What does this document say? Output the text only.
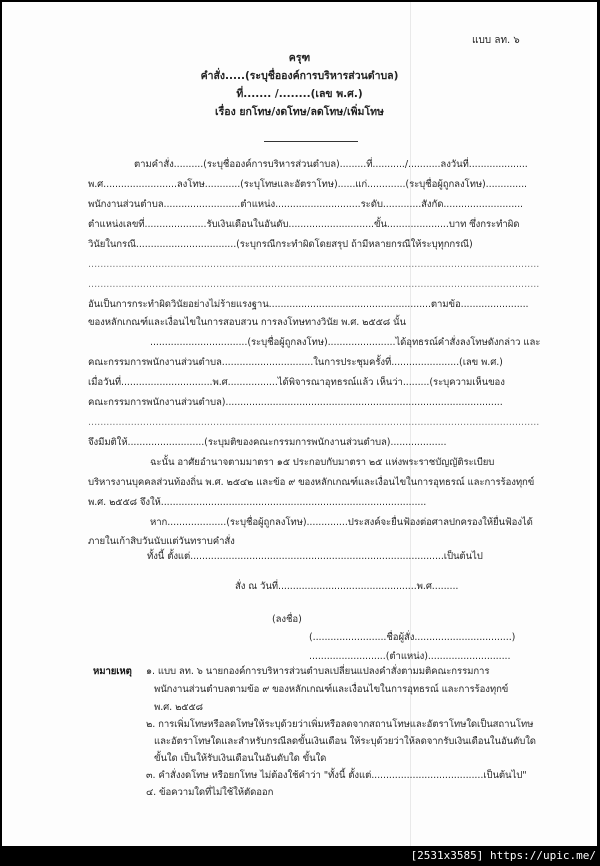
แบบ ลท. ๖
ครุฑ
คำสั่ง.....(ระบุชื่อองค์การบริหารส่วนตำบล)
ที่....... /........(เลข พ.ศ.)
เรื่อง ยกโทษ/งดโทษ/ลดโทษ/เพิ่มโทษ
ตามคำสั่ง..........(ระบุชื่อองค์การบริหารส่วนตำบล).........ที่.........../...........ลงวันที่....................
พ.ศ.........................ลงโทษ............(ระบุโทษและอัตราโทษ)......แก่.............(ระบุชื่อผู้ถูกลงโทษ)..............
พนักงานส่วนตำบล..........................ตำแหน่ง.............................ระดับ.............สังกัด...........................
ตำแหน่งเลขที่.....................รับเงินเดือนในอันดับ.............................ขั้น.....................บาท ซึ่งกระทำผิด
วินัยในกรณี..................................(ระบุกรณีกระทำผิดโดยสรุป ถ้ามีหลายกรณีให้ระบุทุกกรณี)
....................................................................................................................................................
....................................................................................................................................................
อันเป็นการกระทำผิดวินัยอย่างไม่ร้ายแรงฐาน.......................................................ตามข้อ.......................
ของหลักเกณฑ์และเงื่อนไขในการสอบสวน การลงโทษทางวินัย พ.ศ. ๒๕๕๘ นั้น
.................................(ระบุชื่อผู้ถูกลงโทษ).......................ได้อุทธรณ์คำสั่งลงโทษดังกล่าว และ
คณะกรรมการพนักงานส่วนตำบล...............................ในการประชุมครั้งที่.......................(เลข พ.ศ.)
เมื่อวันที่...............................พ.ศ.................ได้พิจารณาอุทธรณ์แล้ว เห็นว่า.........(ระบุความเห็นของ
คณะกรรมการพนักงานส่วนตำบล)..............................................................................................
....................................................................................................................................................
จึงมีมติให้..........................(ระบุมติของคณะกรรมการพนักงานส่วนตำบล)...................
ฉะนั้น อาศัยอำนาจตามมาตรา ๑๕ ประกอบกับมาตรา ๒๕ แห่งพระราชบัญญัติระเบียบ
บริหารงานบุคคลส่วนท้องถิ่น พ.ศ. ๒๕๔๒ และข้อ ๙ ของหลักเกณฑ์และเงื่อนไขในการอุทธรณ์ และการร้องทุกข์
พ.ศ. ๒๕๕๘ จึงให้..........................................................................................
หาก....................(ระบุชื่อผู้ถูกลงโทษ)..............ประสงค์จะยื่นฟ้องต่อศาลปกครองให้ยื่นฟ้องได้
ภายในเก้าสิบวันนับแต่วันทราบคำสั่ง
ทั้งนี้ ตั้งแต่......................................................................................เป็นต้นไป
สั่ง ณ วันที่...............................................พ.ศ.........
(ลงชื่อ)
(.........................ชื่อผู้สั่ง.................................)
..........................(ตำแหน่ง)............................
หมายเหตุ ๑. แบบ ลท. ๖ นายกองค์การบริหารส่วนตำบลเปลี่ยนแปลงคำสั่งตามมติคณะกรรมการ
พนักงานส่วนตำบลตามข้อ ๙ ของหลักเกณฑ์และเงื่อนไขในการอุทธรณ์ และการร้องทุกข์
พ.ศ. ๒๕๕๘
๒. การเพิ่มโทษหรือลดโทษให้ระบุด้วยว่าเพิ่มหรือลดจากสถานโทษและอัตราโทษใดเป็นสถานโทษ
และอัตราโทษใดและสำหรับกรณีลดขั้นเงินเดือน ให้ระบุด้วยว่าให้ลดจากรับเงินเดือนในอันดับใด
ขั้นใด เป็นให้รับเงินเดือนในอันดับใด ขั้นใด
๓. คำสั่งงดโทษ หรือยกโทษ ไม่ต้องใช้คำว่า "ทั้งนี้ ตั้งแต่......................................เป็นต้นไป"
๔. ข้อความใดที่ไม่ใช้ให้ตัดออก
[2531x3585] https://upic.me/
